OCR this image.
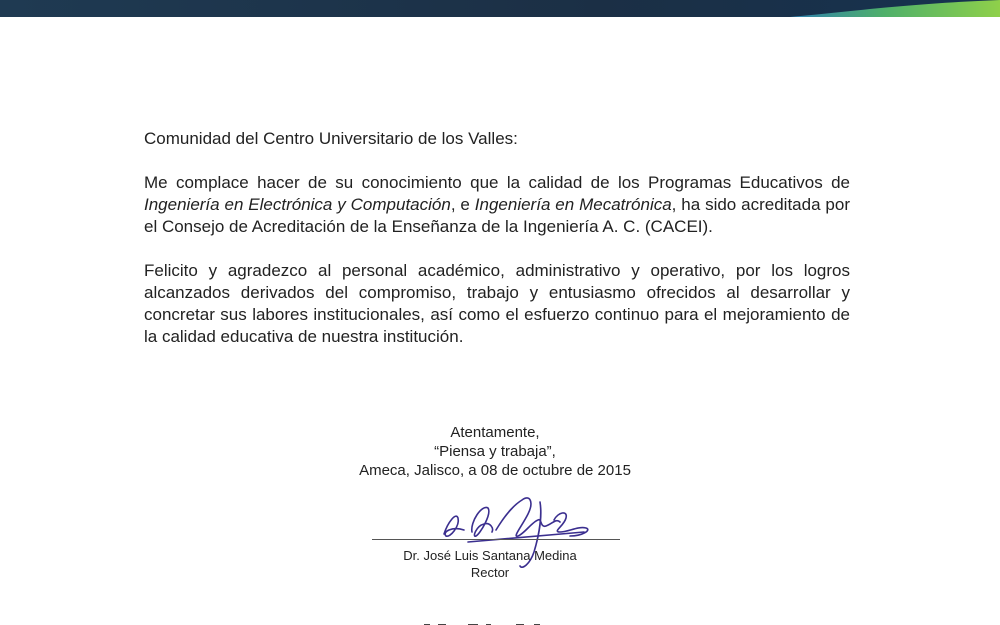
Comunidad del Centro Universitario de los Valles:

Me complace hacer de su conocimiento que la calidad de los Programas Educativos de Ingeniería en Electrónica y Computación, e Ingeniería en Mecatrónica, ha sido acreditada por el Consejo de Acreditación de la Enseñanza de la Ingeniería A. C. (CACEI).

Felicito y agradezco al personal académico, administrativo y operativo, por los logros alcanzados derivados del compromiso, trabajo y entusiasmo ofrecidos al desarrollar y concretar sus labores institucionales, así como el esfuerzo continuo para el mejoramiento de la calidad educativa de nuestra institución.

Atentamente,
“Piensa y trabaja”,
Ameca, Jalisco, a 08 de octubre de 2015
Dr. José Luis Santana Medina
Rector
